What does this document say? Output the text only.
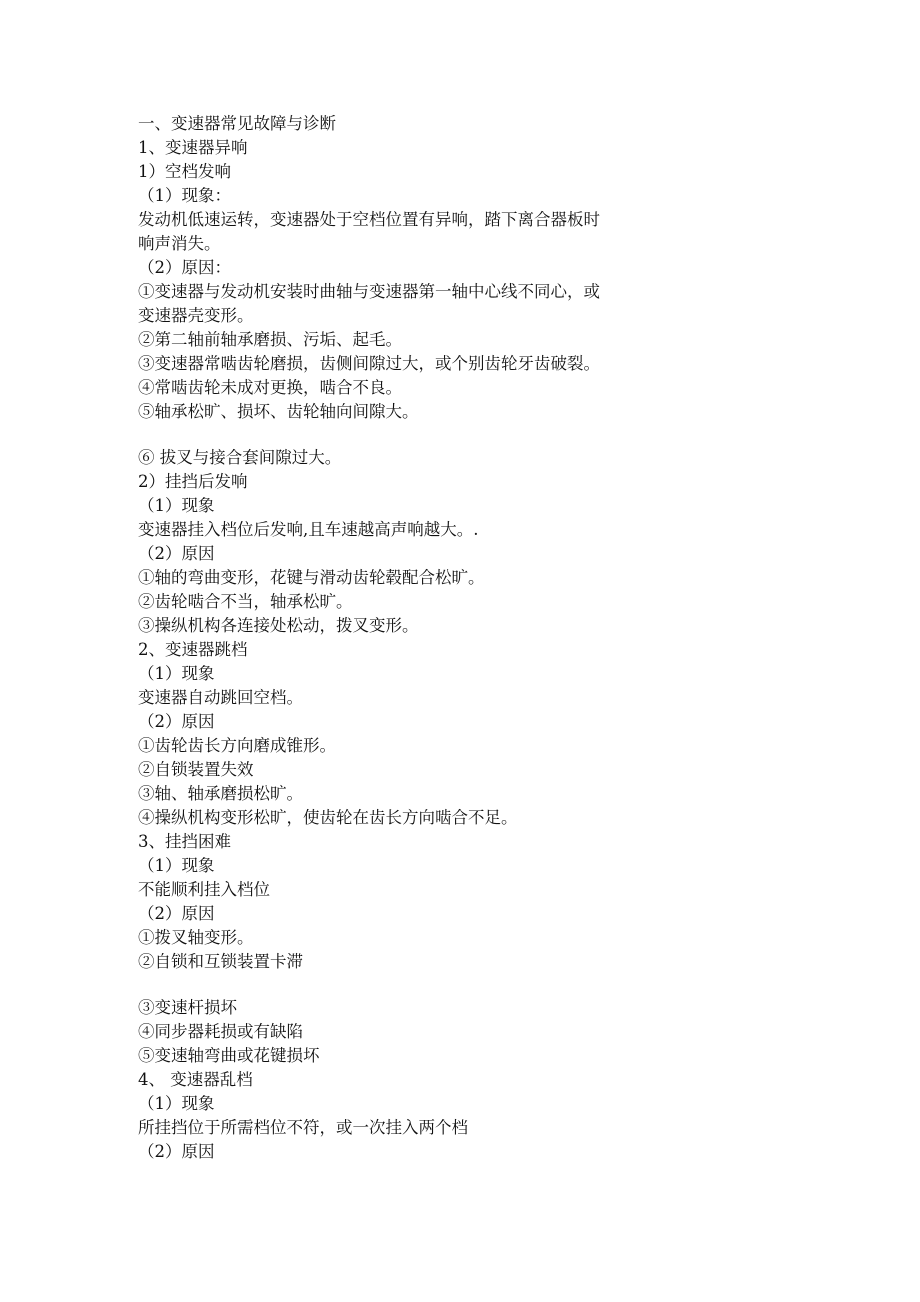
一、变速器常见故障与诊断
1、变速器异响
1）空档发响
（1）现象：
发动机低速运转，变速器处于空档位置有异响，踏下离合器板时
响声消失。
（2）原因：
①变速器与发动机安装时曲轴与变速器第一轴中心线不同心，或
变速器壳变形。
②第二轴前轴承磨损、污垢、起毛。
③变速器常啮齿轮磨损，齿侧间隙过大，或个别齿轮牙齿破裂。
④常啮齿轮未成对更换，啮合不良。
⑤轴承松旷、损坏、齿轮轴向间隙大。
⑥ 拔叉与接合套间隙过大。
2）挂挡后发响
（1）现象
变速器挂入档位后发响,且车速越高声响越大。.
（2）原因
①轴的弯曲变形，花键与滑动齿轮毂配合松旷。
②齿轮啮合不当，轴承松旷。
③操纵机构各连接处松动，拨叉变形。
2、变速器跳档
（1）现象
变速器自动跳回空档。
（2）原因
①齿轮齿长方向磨成锥形。
②自锁装置失效
③轴、轴承磨损松旷。
④操纵机构变形松旷，使齿轮在齿长方向啮合不足。
3、挂挡困难
（1）现象
不能顺利挂入档位
（2）原因
①拨叉轴变形。
②自锁和互锁装置卡滞
③变速杆损坏
④同步器耗损或有缺陷
⑤变速轴弯曲或花键损坏
4、 变速器乱档
（1）现象
所挂挡位于所需档位不符，或一次挂入两个档
（2）原因
